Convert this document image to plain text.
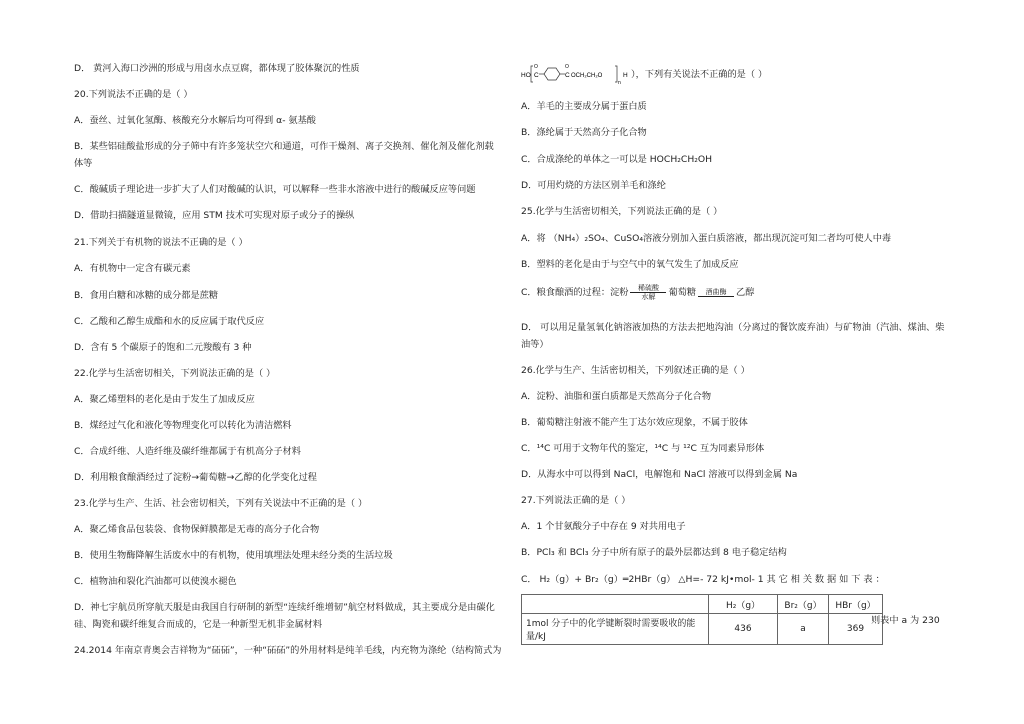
D． 黄河入海口沙洲的形成与用卤水点豆腐，都体现了胶体聚沉的性质
20.下列说法不正确的是（ ）
A．蚕丝、过氧化氢酶、核酸充分水解后均可得到 α- 氨基酸
B．某些铝硅酸盐形成的分子筛中有许多笼状空穴和通道，可作干燥剂、离子交换剂、催化剂及催化剂载
体等
C．酸碱质子理论进一步扩大了人们对酸碱的认识，可以解释一些非水溶液中进行的酸碱反应等问题
D．借助扫描隧道显微镜，应用 STM 技术可实现对原子或分子的操纵
21.下列关于有机物的说法不正确的是（ ）
A．有机物中一定含有碳元素
B．食用白糖和冰糖的成分都是蔗糖
C．乙酸和乙醇生成酯和水的反应属于取代反应
D．含有 5 个碳原子的饱和二元羧酸有 3 种
22.化学与生活密切相关，下列说法正确的是（ ）
A．聚乙烯塑料的老化是由于发生了加成反应
B．煤经过气化和液化等物理变化可以转化为清洁燃料
C．合成纤维、人造纤维及碳纤维都属于有机高分子材料
D．利用粮食酿酒经过了淀粉→葡萄糖→乙醇的化学变化过程
23.化学与生产、生活、社会密切相关，下列有关说法中不正确的是（ ）
A．聚乙烯食品包装袋、食物保鲜膜都是无毒的高分子化合物
B．使用生物酶降解生活废水中的有机物，使用填埋法处理未经分类的生活垃圾
C．植物油和裂化汽油都可以使溴水褪色
D．神七宇航员所穿航天服是由我国自行研制的新型“连续纤维增韧”航空材料做成，其主要成分是由碳化
硅、陶瓷和碳纤维复合而成的，它是一种新型无机非金属材料
24.2014 年南京青奥会吉祥物为“砳砳”，一种“砳砳”的外用材料是纯羊毛线，内充物为涤纶（结构简式为
HO C
O
C
O
OCH₂CH₂O
n
H ），下列有关说法不正确的是（ ）
A．羊毛的主要成分属于蛋白质
B．涤纶属于天然高分子化合物
C．合成涤纶的单体之一可以是 HOCH₂CH₂OH
D．可用灼烧的方法区别羊毛和涤纶
25.化学与生活密切相关，下列说法正确的是（ ）
A．将 （NH₄）₂SO₄、CuSO₄溶液分别加入蛋白质溶液，都出现沉淀可知二者均可使人中毒
B．塑料的老化是由于与空气中的氧气发生了加成反应
C．粮食酿酒的过程：淀粉 $\frac{\text{稀硫酸}}{\text{水解}}$ 葡萄糖	酒曲酶	乙醇
D． 可以用足量氢氧化钠溶液加热的方法去把地沟油（分离过的餐饮废弃油）与矿物油（汽油、煤油、柴
油等）
26.化学与生产、生活密切相关，下列叙述正确的是（ ）
A．淀粉、油脂和蛋白质都是天然高分子化合物
B．葡萄糖注射液不能产生丁达尔效应现象，不属于胶体
C．¹⁴C 可用于文物年代的鉴定，¹⁴C 与 ¹²C 互为同素异形体
D．从海水中可以得到 NaCl，电解饱和 NaCl 溶液可以得到金属 Na
27.下列说法正确的是（ ）
A．1 个甘氨酸分子中存在 9 对共用电子
B．PCl₃ 和 BCl₃ 分子中所有原子的最外层都达到 8 电子稳定结构
C． H₂（g）+ Br₂（g）═2HBr（g） △H=- 72 kJ•mol- 1 其 它 相 关 数 据 如 下 表 ：
	H₂（g）	Br₂（g）	HBr（g）
1mol 分子中的化学键断裂时需要吸收的能量/kJ	436	a	369
则表中 a 为 230
